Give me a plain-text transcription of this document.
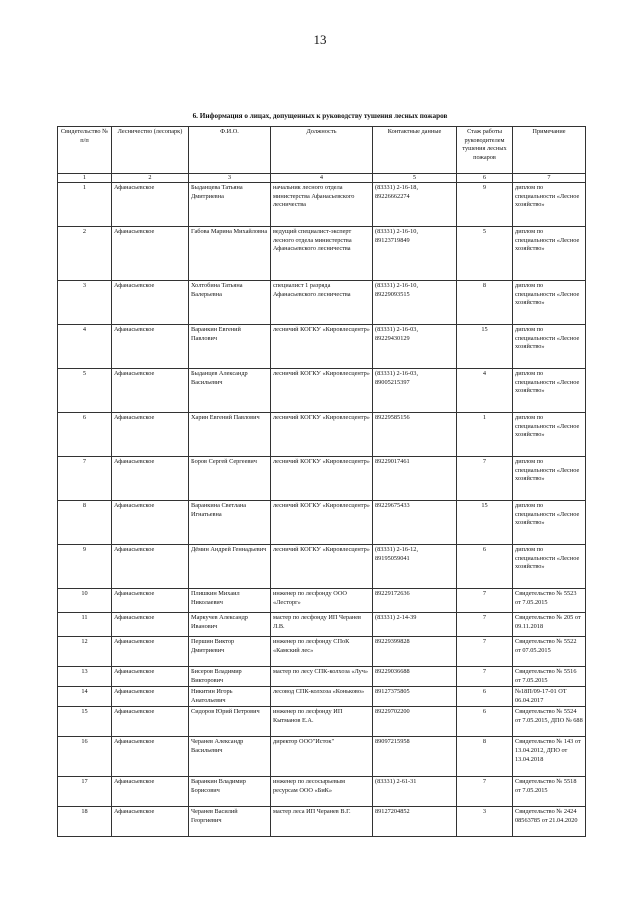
13
6. Информация о лицах, допущенных к руководству тушения лесных пожаров
Свидетельство №
п/п	Лесничество (лесопарк)	Ф.И.О.	Должность	Контактные данные	Стаж работы руководителем тушения лесных пожаров	Примечание
1	2	3	4	5	6	7
1	Афанасьевское	Быданцева Татьяна Дмитриевна	начальник лесного отдела министерства Афанасьевского лесничества	(83331) 2-16-18, 89226662274	9	диплом по специальности «Лесное хозяйство»
2	Афанасьевское	Габова Марина Михайловна	ведущий специалист-эксперт лесного отдела министерства Афанасьевского лесничества	(83331) 2-16-10, 89123719849	5	диплом по специальности «Лесное хозяйство»
3	Афанасьевское	Холтобина Татьяна Валерьевна	специалист 1 разряда Афанасьевского лесничества	(83331) 2-16-10, 89229093515	8	диплом по специальности «Лесное хозяйство»
4	Афанасьевское	Варанкин Евгений Павлович	лесничий КОГКУ «Кировлесцентр»	(83331) 2-16-03, 89229430129	15	диплом по специальности «Лесное хозяйство»
5	Афанасьевское	Быданцев Александр Васильевич	лесничий КОГКУ «Кировлесцентр»	(83331) 2-16-03, 89005215397	4	диплом по специальности «Лесное хозяйство»
6	Афанасьевское	Харин Евгений Павлович	лесничий КОГКУ «Кировлесцентр»	89229585156	1	диплом по специальности «Лесное хозяйство»
7	Афанасьевское	Боров Сергей Сергеевич	лесничий КОГКУ «Кировлесцентр»	89229017461	7	диплом по специальности «Лесное хозяйство»
8	Афанасьевское	Варанкина Светлана Игнатьевна	лесничий КОГКУ «Кировлесцентр»	89229675433	15	диплом по специальности «Лесное хозяйство»
9	Афанасьевское	Дёмин Андрей Геннадьевич	лесничий КОГКУ «Кировлесцентр»	(83331) 2-16-12, 89195059041	6	диплом по специальности «Лесное хозяйство»
10	Афанасьевское	Плишкин Михаил Николаевич	инженер по лесфонду ООО «Лесторг»	89229172636	7	Свидетельство № 5523 от 7.05.2015
11	Афанасьевское	Маркучев Александр Иванович	мастер по лесфонду ИП Черанев Л.В.	(83331) 2-14-39	7	Свидетельство № 205 от 09.11.2018
12	Афанасьевское	Першин Виктор Дмитриевич	инженер по лесфонду СПоК «Камский лес»	89229399828	7	Свидетельство № 5522 от 07.05.2015
13	Афанасьевское	Бисеров Владимир Викторович	мастер по лесу СПК-колхоза «Луч»	89229036688	7	Свидетельство № 5516 от 7.05.2015
14	Афанасьевское	Никитин Игорь Анатольевич	лесовод СПК-колхоза «Коньково»	89127375805	6	№18П/09-17-01 ОТ 06.04.2017
15	Афанасьевское	Сидоров Юрий Петрович	инженер по лесфонду ИП Кытманов Е.А.	89229702200	6	Свидетельство № 5524 от 7.05.2015, ДПО № 688
16	Афанасьевское	Черанев Александр Васильевич	директор ООО"Исток"	89097215958	8	Свидетельство № 143 от 13.04.2012, ДПО от 13.04.2018
17	Афанасьевское	Варанкин Владимир Борисович	инженер по лесосырьевым ресурсам ООО «БиК»	(83331) 2-61-31	7	Свидетельство № 5518 от 7.05.2015
18	Афанасьевское	Черанев Василий Георгиевич	мастер леса ИП Черанев В.Г.	89127204852	3	Свидетельство № 2424 08563785 от 21.04.2020
